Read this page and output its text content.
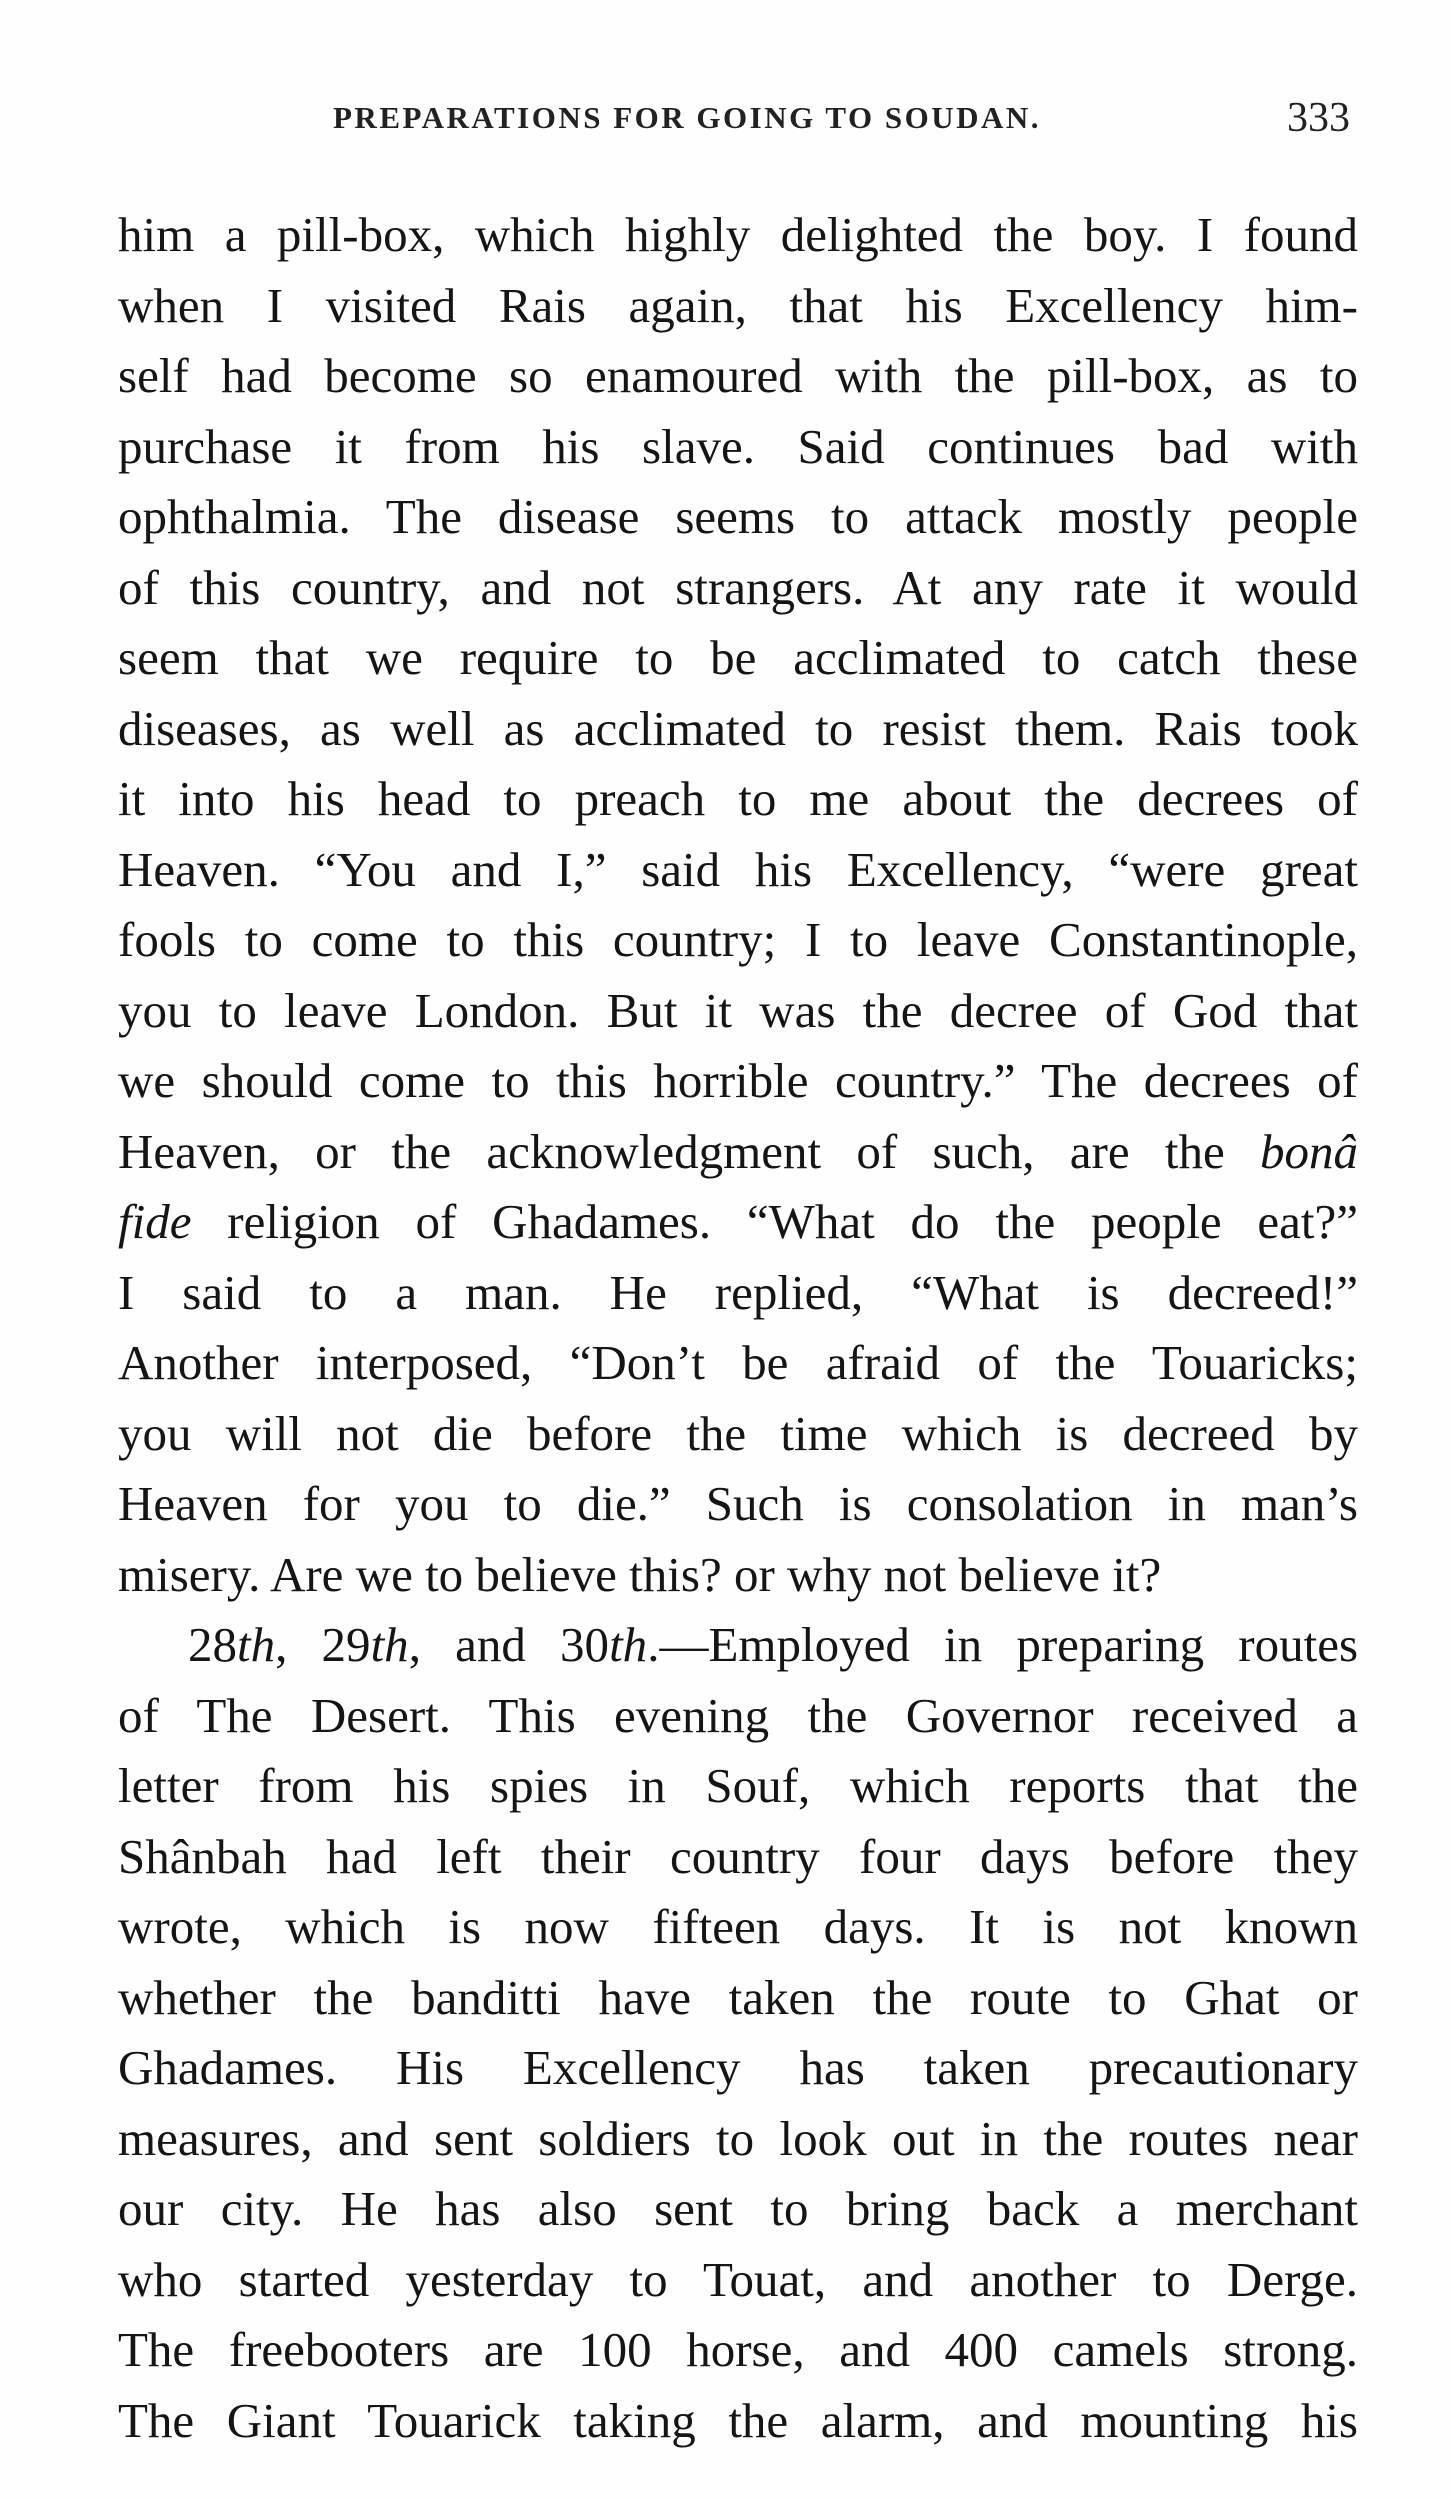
PREPARATIONS FOR GOING TO SOUDAN.	333
him a pill-box, which highly delighted the boy. I found
when I visited Rais again, that his Excellency him-
self had become so enamoured with the pill-box, as to
purchase it from his slave. Said continues bad with
ophthalmia. The disease seems to attack mostly people
of this country, and not strangers. At any rate it would
seem that we require to be acclimated to catch these
diseases, as well as acclimated to resist them. Rais took
it into his head to preach to me about the decrees of
Heaven. “You and I,” said his Excellency, “were great
fools to come to this country; I to leave Constantinople,
you to leave London. But it was the decree of God that
we should come to this horrible country.” The decrees of
Heaven, or the acknowledgment of such, are the bonâ
fide religion of Ghadames. “What do the people eat?”
I said to a man. He replied, “What is decreed!”
Another interposed, “Don’t be afraid of the Touaricks;
you will not die before the time which is decreed by
Heaven for you to die.” Such is consolation in man’s
misery. Are we to believe this? or why not believe it?
28th, 29th, and 30th.—Employed in preparing routes
of The Desert. This evening the Governor received a
letter from his spies in Souf, which reports that the
Shânbah had left their country four days before they
wrote, which is now fifteen days. It is not known
whether the banditti have taken the route to Ghat or
Ghadames. His Excellency has taken precautionary
measures, and sent soldiers to look out in the routes near
our city. He has also sent to bring back a merchant
who started yesterday to Touat, and another to Derge.
The freebooters are 100 horse, and 400 camels strong.
The Giant Touarick taking the alarm, and mounting his
